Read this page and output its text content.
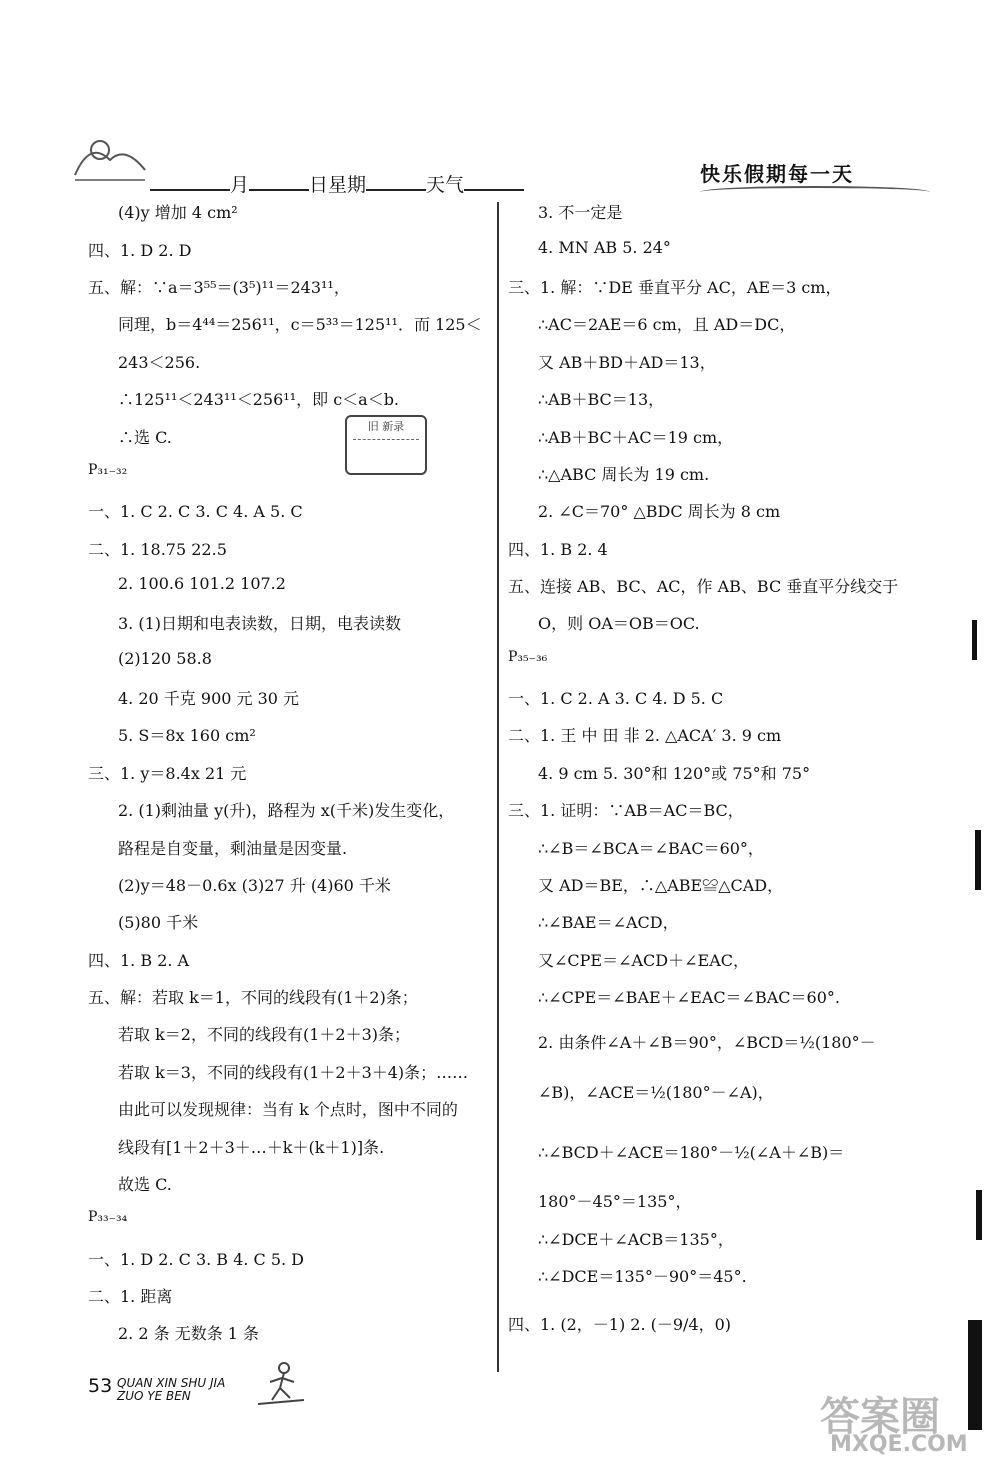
月	日星期	天气	快乐假期每一天
(4)y 增加 4 cm²
四、1. D 2. D
五、解：∵a＝3⁵⁵＝(3⁵)¹¹＝243¹¹，
同理，b＝4⁴⁴＝256¹¹，c＝5³³＝125¹¹．而 125＜
243＜256.
∴125¹¹＜243¹¹＜256¹¹，即 c＜a＜b.
∴选 C.
P₃₁₋₃₂
一、1. C 2. C 3. C 4. A 5. C
二、1. 18.75 22.5
2. 100.6 101.2 107.2
3. (1)日期和电表读数，日期，电表读数
(2)120 58.8
4. 20 千克 900 元 30 元
5. S＝8x 160 cm²
三、1. y＝8.4x 21 元
2. (1)剩油量 y(升)，路程为 x(千米)发生变化，
路程是自变量，剩油量是因变量.
(2)y＝48－0.6x (3)27 升 (4)60 千米
(5)80 千米
四、1. B 2. A
五、解：若取 k＝1，不同的线段有(1＋2)条；
若取 k＝2，不同的线段有(1＋2＋3)条；
若取 k＝3，不同的线段有(1＋2＋3＋4)条；……
由此可以发现规律：当有 k 个点时，图中不同的
线段有[1＋2＋3＋…＋k＋(k＋1)]条.
故选 C.
P₃₃₋₃₄
一、1. D 2. C 3. B 4. C 5. D
二、1. 距离
2. 2 条 无数条 1 条
旧 新录
3. 不一定是
4. MN AB 5. 24°
三、1. 解：∵DE 垂直平分 AC，AE＝3 cm，
∴AC＝2AE＝6 cm，且 AD＝DC，
又 AB＋BD＋AD＝13，
∴AB＋BC＝13，
∴AB＋BC＋AC＝19 cm，
∴△ABC 周长为 19 cm.
2. ∠C＝70° △BDC 周长为 8 cm
四、1. B 2. 4
五、连接 AB、BC、AC，作 AB、BC 垂直平分线交于
O，则 OA＝OB＝OC.
P₃₅₋₃₆
一、1. C 2. A 3. C 4. D 5. C
二、1. 王 中 田 非 2. △ACA′ 3. 9 cm
4. 9 cm 5. 30°和 120°或 75°和 75°
三、1. 证明：∵AB＝AC＝BC，
∴∠B＝∠BCA＝∠BAC＝60°，
又 AD＝BE，∴△ABE≌△CAD，
∴∠BAE＝∠ACD，
又∠CPE＝∠ACD＋∠EAC，
∴∠CPE＝∠BAE＋∠EAC＝∠BAC＝60°.
2. 由条件∠A＋∠B＝90°，∠BCD＝½(180°－
∠B)，∠ACE＝½(180°－∠A)，
∴∠BCD＋∠ACE＝180°－½(∠A＋∠B)＝
180°－45°＝135°，
∴∠DCE＋∠ACB＝135°，
∴∠DCE＝135°－90°＝45°.
四、1. (2，－1) 2. (－9/4，0)
53 QUAN XIN SHU JIA
ZUO YE BEN	答案圈
MXQE.COM
